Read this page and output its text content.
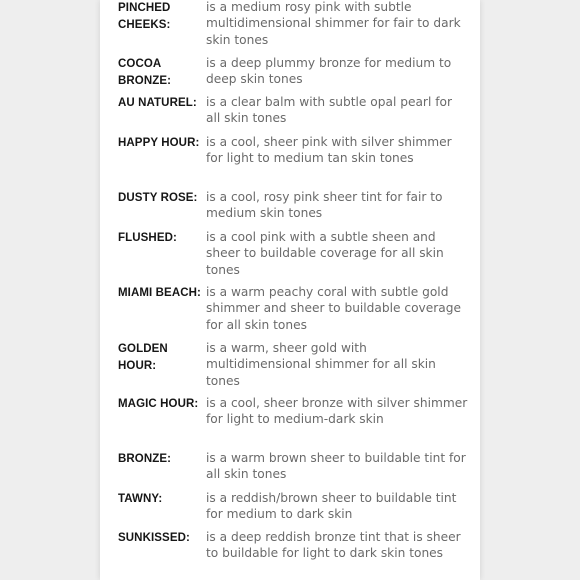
PINCHED CHEEKS:
is a medium rosy pink with subtle multidimensional shimmer for fair to dark skin tones
COCOA BRONZE:
is a deep plummy bronze for medium to deep skin tones
AU NATUREL: is a clear balm with subtle opal pearl for all skin tones
HAPPY HOUR: is a cool, sheer pink with silver shimmer for light to medium tan skin tones
DUSTY ROSE: is a cool, rosy pink sheer tint for fair to medium skin tones
FLUSHED:	is a cool pink with a subtle sheen and sheer to buildable coverage for all skin tones
MIAMI BEACH: is a warm peachy coral with subtle gold shimmer and sheer to buildable coverage for all skin tones
GOLDEN HOUR:
is a warm, sheer gold with multidimensional shimmer for all skin tones
MAGIC HOUR: is a cool, sheer bronze with silver shimmer for light to medium-dark skin
BRONZE:	is a warm brown sheer to buildable tint for all skin tones
TAWNY:	is a reddish/brown sheer to buildable tint for medium to dark skin
SUNKISSED:	is a deep reddish bronze tint that is sheer to buildable for light to dark skin tones
